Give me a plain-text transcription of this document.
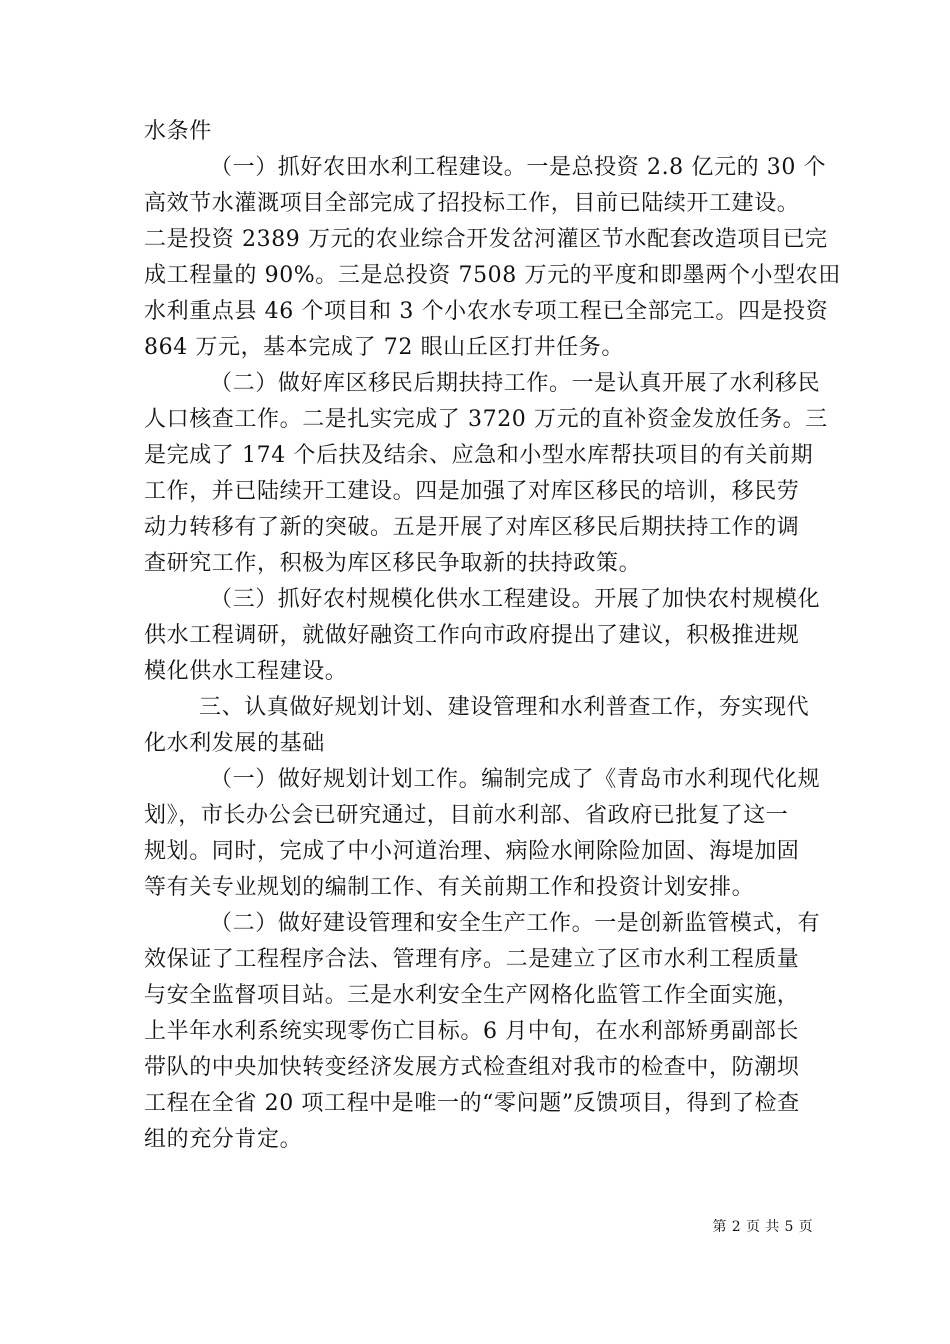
水条件
（一）抓好农田水利工程建设。一是总投资 2.8 亿元的 30 个
高效节水灌溉项目全部完成了招投标工作，目前已陆续开工建设。
二是投资 2389 万元的农业综合开发岔河灌区节水配套改造项目已完
成工程量的 90%。三是总投资 7508 万元的平度和即墨两个小型农田
水利重点县 46 个项目和 3 个小农水专项工程已全部完工。四是投资
864 万元，基本完成了 72 眼山丘区打井任务。
（二）做好库区移民后期扶持工作。一是认真开展了水利移民
人口核查工作。二是扎实完成了 3720 万元的直补资金发放任务。三
是完成了 174 个后扶及结余、应急和小型水库帮扶项目的有关前期
工作，并已陆续开工建设。四是加强了对库区移民的培训，移民劳
动力转移有了新的突破。五是开展了对库区移民后期扶持工作的调
查研究工作，积极为库区移民争取新的扶持政策。
（三）抓好农村规模化供水工程建设。开展了加快农村规模化
供水工程调研，就做好融资工作向市政府提出了建议，积极推进规
模化供水工程建设。
三、认真做好规划计划、建设管理和水利普查工作，夯实现代
化水利发展的基础
（一）做好规划计划工作。编制完成了《青岛市水利现代化规
划》，市长办公会已研究通过，目前水利部、省政府已批复了这一
规划。同时，完成了中小河道治理、病险水闸除险加固、海堤加固
等有关专业规划的编制工作、有关前期工作和投资计划安排。
（二）做好建设管理和安全生产工作。一是创新监管模式，有
效保证了工程程序合法、管理有序。二是建立了区市水利工程质量
与安全监督项目站。三是水利安全生产网格化监管工作全面实施，
上半年水利系统实现零伤亡目标。6 月中旬，在水利部矫勇副部长
带队的中央加快转变经济发展方式检查组对我市的检查中，防潮坝
工程在全省 20 项工程中是唯一的“零问题”反馈项目，得到了检查
组的充分肯定。
第 2 页 共 5 页
